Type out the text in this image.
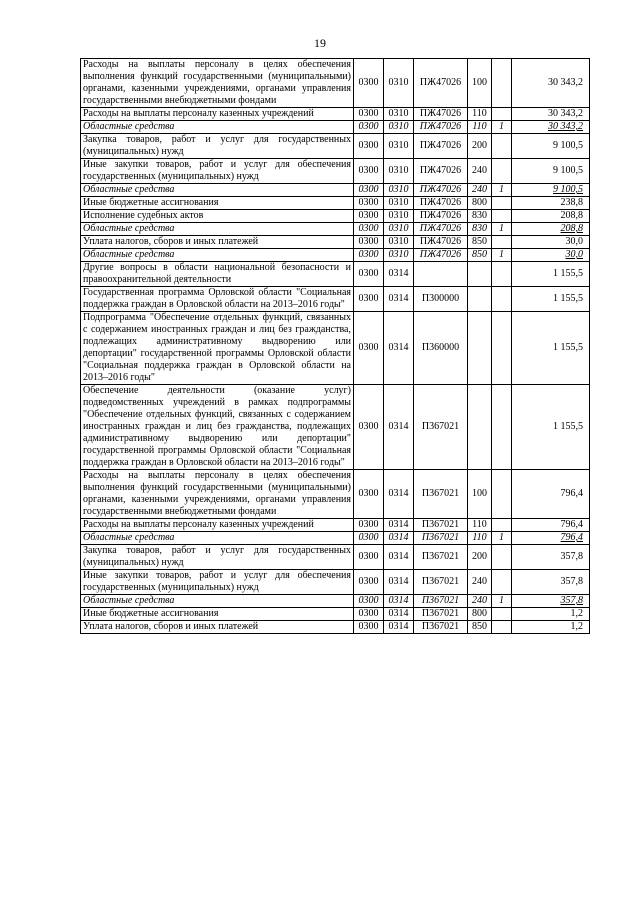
19
Расходы на выплаты персоналу в целях обеспечения выполнения функций государственными (муниципальными) органами, казенными учреждениями, органами управления государственными внебюджетными фондами	0300	0310	ПЖ47026	100		30 343,2
Расходы на выплаты персоналу казенных учреждений	0300	0310	ПЖ47026	110		30 343,2
Областные средства	0300	0310	ПЖ47026	110	1	30 343,2
Закупка товаров, работ и услуг для государственных (муниципальных) нужд	0300	0310	ПЖ47026	200		9 100,5
Иные закупки товаров, работ и услуг для обеспечения государственных (муниципальных) нужд	0300	0310	ПЖ47026	240		9 100,5
Областные средства	0300	0310	ПЖ47026	240	1	9 100,5
Иные бюджетные ассигнования	0300	0310	ПЖ47026	800		238,8
Исполнение судебных актов	0300	0310	ПЖ47026	830		208,8
Областные средства	0300	0310	ПЖ47026	830	1	208,8
Уплата налогов, сборов и иных платежей	0300	0310	ПЖ47026	850		30,0
Областные средства	0300	0310	ПЖ47026	850	1	30,0
Другие вопросы в области национальной безопасности и правоохранительной деятельности	0300	0314				1 155,5
Государственная программа Орловской области "Социальная поддержка граждан в Орловской области на 2013–2016 годы"	0300	0314	П300000			1 155,5
Подпрограмма "Обеспечение отдельных функций, связанных с содержанием иностранных граждан и лиц без гражданства, подлежащих административному выдворению или депортации" государственной программы Орловской области "Социальная поддержка граждан в Орловской области на 2013–2016 годы"	0300	0314	П360000			1 155,5
Обеспечение деятельности (оказание услуг) подведомственных учреждений в рамках подпрограммы "Обеспечение отдельных функций, связанных с содержанием иностранных граждан и лиц без гражданства, подлежащих административному выдворению или депортации" государственной программы Орловской области "Социальная поддержка граждан в Орловской области на 2013–2016 годы"	0300	0314	П367021			1 155,5
Расходы на выплаты персоналу в целях обеспечения выполнения функций государственными (муниципальными) органами, казенными учреждениями, органами управления государственными внебюджетными фондами	0300	0314	П367021	100		796,4
Расходы на выплаты персоналу казенных учреждений	0300	0314	П367021	110		796,4
Областные средства	0300	0314	П367021	110	1	796,4
Закупка товаров, работ и услуг для государственных (муниципальных) нужд	0300	0314	П367021	200		357,8
Иные закупки товаров, работ и услуг для обеспечения государственных (муниципальных) нужд	0300	0314	П367021	240		357,8
Областные средства	0300	0314	П367021	240	1	357,8
Иные бюджетные ассигнования	0300	0314	П367021	800		1,2
Уплата налогов, сборов и иных платежей	0300	0314	П367021	850		1,2
